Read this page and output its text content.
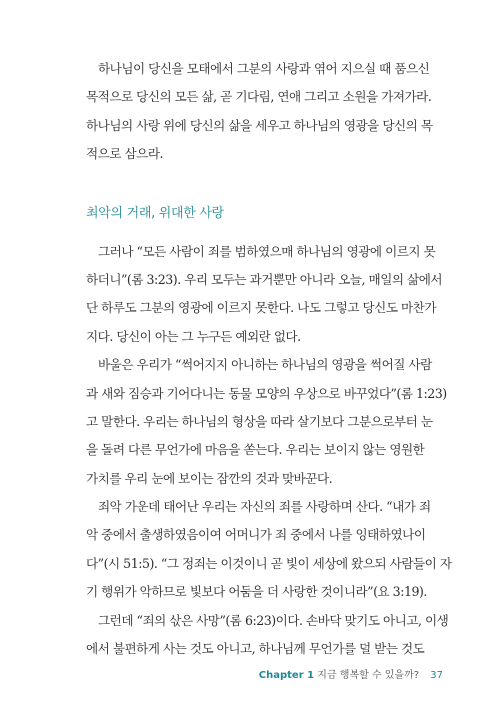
하나님이 당신을 모태에서 그분의 사랑과 엮어 지으실 때 품으신
목적으로 당신의 모든 삶, 곧 기다림, 연애 그리고 소원을 가져가라.
하나님의 사랑 위에 당신의 삶을 세우고 하나님의 영광을 당신의 목
적으로 삼으라.
최악의 거래, 위대한 사랑
그러나 “모든 사람이 죄를 범하였으매 하나님의 영광에 이르지 못
하더니”(롬 3:23). 우리 모두는 과거뿐만 아니라 오늘, 매일의 삶에서
단 하루도 그분의 영광에 이르지 못한다. 나도 그렇고 당신도 마찬가
지다. 당신이 아는 그 누구든 예외란 없다.
바울은 우리가 “썩어지지 아니하는 하나님의 영광을 썩어질 사람
과 새와 짐승과 기어다니는 동물 모양의 우상으로 바꾸었다”(롬 1:23)
고 말한다. 우리는 하나님의 형상을 따라 살기보다 그분으로부터 눈
을 돌려 다른 무언가에 마음을 쏟는다. 우리는 보이지 않는 영원한
가치를 우리 눈에 보이는 잠깐의 것과 맞바꾼다.
죄악 가운데 태어난 우리는 자신의 죄를 사랑하며 산다. “내가 죄
악 중에서 출생하였음이여 어머니가 죄 중에서 나를 잉태하였나이
다”(시 51:5). “그 정죄는 이것이니 곧 빛이 세상에 왔으되 사람들이 자
기 행위가 악하므로 빛보다 어둠을 더 사랑한 것이니라”(요 3:19).
그런데 “죄의 삯은 사망”(롬 6:23)이다. 손바닥 맞기도 아니고, 이생
에서 불편하게 사는 것도 아니고, 하나님께 무언가를 덜 받는 것도
Chapter 1 지금 행복할 수 있을까? 37
